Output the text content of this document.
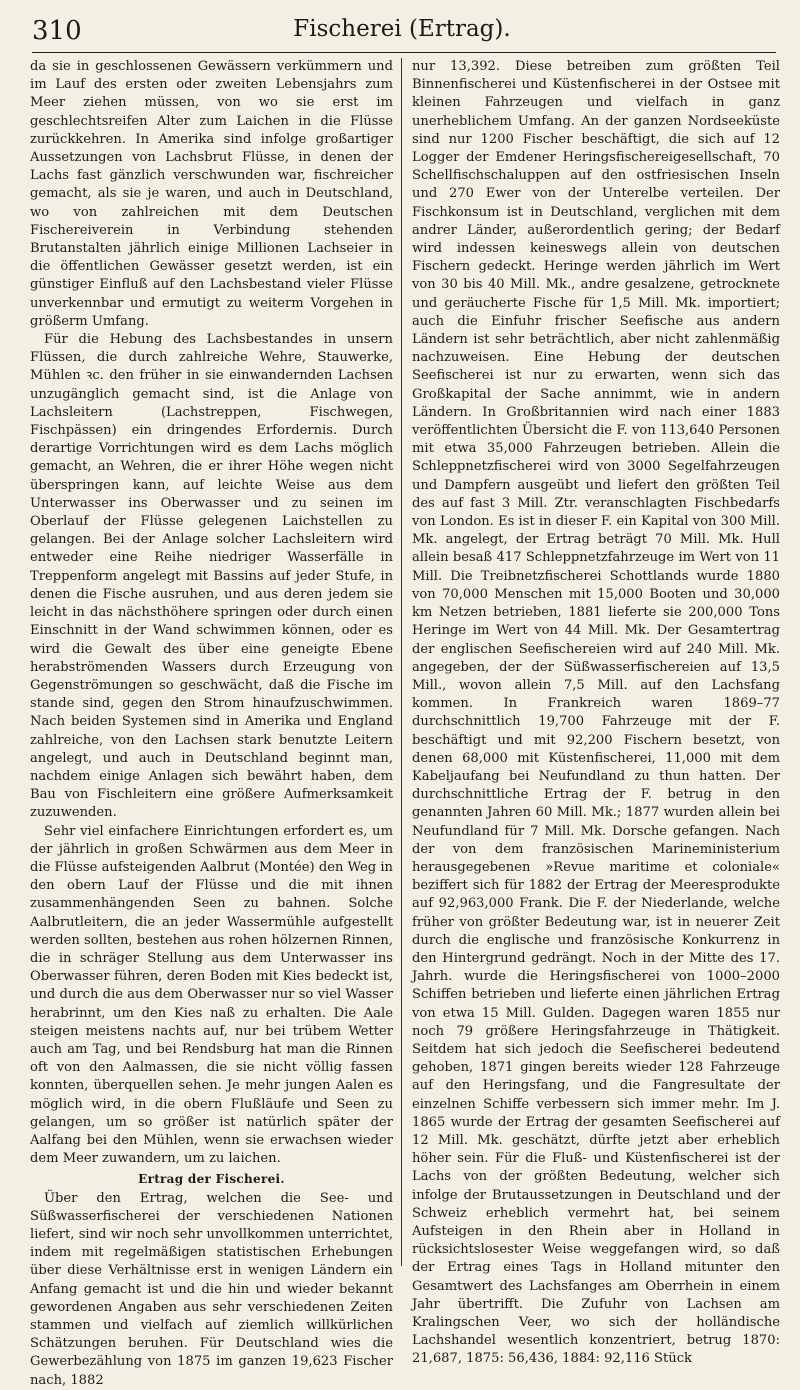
310	Fischerei (Ertrag).

da sie in geschlossenen Gewässern verkümmern und im Lauf des ersten oder zweiten Lebensjahrs zum Meer ziehen müssen, von wo sie erst im geschlechtsreifen Alter zum Laichen in die Flüsse zurückkehren. In Amerika sind infolge großartiger Aussetzungen von Lachsbrut Flüsse, in denen der Lachs fast gänzlich verschwunden war, fischreicher gemacht, als sie je waren, und auch in Deutschland, wo von zahlreichen mit dem Deutschen Fischereiverein in Verbindung stehenden Brutanstalten jährlich einige Millionen Lachseier in die öffentlichen Gewässer gesetzt werden, ist ein günstiger Einfluß auf den Lachsbestand vieler Flüsse unverkennbar und ermutigt zu weiterm Vorgehen in größerm Umfang.

Für die Hebung des Lachsbestandes in unsern Flüssen, die durch zahlreiche Wehre, Stauwerke, Mühlen ꝛc. den früher in sie einwandernden Lachsen unzugänglich gemacht sind, ist die Anlage von Lachsleitern (Lachstreppen, Fischwegen, Fischpässen) ein dringendes Erfordernis. Durch derartige Vorrichtungen wird es dem Lachs möglich gemacht, an Wehren, die er ihrer Höhe wegen nicht überspringen kann, auf leichte Weise aus dem Unterwasser ins Oberwasser und zu seinen im Oberlauf der Flüsse gelegenen Laichstellen zu gelangen. Bei der Anlage solcher Lachsleitern wird entweder eine Reihe niedriger Wasserfälle in Treppenform angelegt mit Bassins auf jeder Stufe, in denen die Fische ausruhen, und aus deren jedem sie leicht in das nächsthöhere springen oder durch einen Einschnitt in der Wand schwimmen können, oder es wird die Gewalt des über eine geneigte Ebene herabströmenden Wassers durch Erzeugung von Gegenströmungen so geschwächt, daß die Fische im stande sind, gegen den Strom hinaufzuschwimmen. Nach beiden Systemen sind in Amerika und England zahlreiche, von den Lachsen stark benutzte Leitern angelegt, und auch in Deutschland beginnt man, nachdem einige Anlagen sich bewährt haben, dem Bau von Fischleitern eine größere Aufmerksamkeit zuzuwenden.

Sehr viel einfachere Einrichtungen erfordert es, um der jährlich in großen Schwärmen aus dem Meer in die Flüsse aufsteigenden Aalbrut (Montée) den Weg in den obern Lauf der Flüsse und die mit ihnen zusammenhängenden Seen zu bahnen. Solche Aalbrutleitern, die an jeder Wassermühle aufgestellt werden sollten, bestehen aus rohen hölzernen Rinnen, die in schräger Stellung aus dem Unterwasser ins Oberwasser führen, deren Boden mit Kies bedeckt ist, und durch die aus dem Oberwasser nur so viel Wasser herabrinnt, um den Kies naß zu erhalten. Die Aale steigen meistens nachts auf, nur bei trübem Wetter auch am Tag, und bei Rendsburg hat man die Rinnen oft von den Aalmassen, die sie nicht völlig fassen konnten, überquellen sehen. Je mehr jungen Aalen es möglich wird, in die obern Flußläufe und Seen zu gelangen, um so größer ist natürlich später der Aalfang bei den Mühlen, wenn sie erwachsen wieder dem Meer zuwandern, um zu laichen.

Ertrag der Fischerei.

Über den Ertrag, welchen die See- und Süßwasserfischerei der verschiedenen Nationen liefert, sind wir noch sehr unvollkommen unterrichtet, indem mit regelmäßigen statistischen Erhebungen über diese Verhältnisse erst in wenigen Ländern ein Anfang gemacht ist und die hin und wieder bekannt gewordenen Angaben aus sehr verschiedenen Zeiten stammen und vielfach auf ziemlich willkürlichen Schätzungen beruhen. Für Deutschland wies die Gewerbezählung von 1875 im ganzen 19,623 Fischer nach, 1882

nur 13,392. Diese betreiben zum größten Teil Binnenfischerei und Küstenfischerei in der Ostsee mit kleinen Fahrzeugen und vielfach in ganz unerheblichem Umfang. An der ganzen Nordseeküste sind nur 1200 Fischer beschäftigt, die sich auf 12 Logger der Emdener Heringsfischereigesellschaft, 70 Schellfischschaluppen auf den ostfriesischen Inseln und 270 Ewer von der Unterelbe verteilen. Der Fischkonsum ist in Deutschland, verglichen mit dem andrer Länder, außerordentlich gering; der Bedarf wird indessen keineswegs allein von deutschen Fischern gedeckt. Heringe werden jährlich im Wert von 30 bis 40 Mill. Mk., andre gesalzene, getrocknete und geräucherte Fische für 1,5 Mill. Mk. importiert; auch die Einfuhr frischer Seefische aus andern Ländern ist sehr beträchtlich, aber nicht zahlenmäßig nachzuweisen. Eine Hebung der deutschen Seefischerei ist nur zu erwarten, wenn sich das Großkapital der Sache annimmt, wie in andern Ländern. In Großbritannien wird nach einer 1883 veröffentlichten Übersicht die F. von 113,640 Personen mit etwa 35,000 Fahrzeugen betrieben. Allein die Schleppnetzfischerei wird von 3000 Segelfahrzeugen und Dampfern ausgeübt und liefert den größten Teil des auf fast 3 Mill. Ztr. veranschlagten Fischbedarfs von London. Es ist in dieser F. ein Kapital von 300 Mill. Mk. angelegt, der Ertrag beträgt 70 Mill. Mk. Hull allein besaß 417 Schleppnetzfahrzeuge im Wert von 11 Mill. Die Treibnetzfischerei Schottlands wurde 1880 von 70,000 Menschen mit 15,000 Booten und 30,000 km Netzen betrieben, 1881 lieferte sie 200,000 Tons Heringe im Wert von 44 Mill. Mk. Der Gesamtertrag der englischen Seefischereien wird auf 240 Mill. Mk. angegeben, der der Süßwasserfischereien auf 13,5 Mill., wovon allein 7,5 Mill. auf den Lachsfang kommen. In Frankreich waren 1869–77 durchschnittlich 19,700 Fahrzeuge mit der F. beschäftigt und mit 92,200 Fischern besetzt, von denen 68,000 mit Küstenfischerei, 11,000 mit dem Kabeljaufang bei Neufundland zu thun hatten. Der durchschnittliche Ertrag der F. betrug in den genannten Jahren 60 Mill. Mk.; 1877 wurden allein bei Neufundland für 7 Mill. Mk. Dorsche gefangen. Nach der von dem französischen Marineministerium herausgegebenen »Revue maritime et coloniale« beziffert sich für 1882 der Ertrag der Meeresprodukte auf 92,963,000 Frank. Die F. der Niederlande, welche früher von größter Bedeutung war, ist in neuerer Zeit durch die englische und französische Konkurrenz in den Hintergrund gedrängt. Noch in der Mitte des 17. Jahrh. wurde die Heringsfischerei von 1000–2000 Schiffen betrieben und lieferte einen jährlichen Ertrag von etwa 15 Mill. Gulden. Dagegen waren 1855 nur noch 79 größere Heringsfahrzeuge in Thätigkeit. Seitdem hat sich jedoch die Seefischerei bedeutend gehoben, 1871 gingen bereits wieder 128 Fahrzeuge auf den Heringsfang, und die Fangresultate der einzelnen Schiffe verbessern sich immer mehr. Im J. 1865 wurde der Ertrag der gesamten Seefischerei auf 12 Mill. Mk. geschätzt, dürfte jetzt aber erheblich höher sein. Für die Fluß- und Küstenfischerei ist der Lachs von der größten Bedeutung, welcher sich infolge der Brutaussetzungen in Deutschland und der Schweiz erheblich vermehrt hat, bei seinem Aufsteigen in den Rhein aber in Holland in rücksichtslosester Weise weggefangen wird, so daß der Ertrag eines Tags in Holland mitunter den Gesamtwert des Lachsfanges am Oberrhein in einem Jahr übertrifft. Die Zufuhr von Lachsen am Kralingschen Veer, wo sich der holländische Lachshandel wesentlich konzentriert, betrug 1870: 21,687, 1875: 56,436, 1884: 92,116 Stück
